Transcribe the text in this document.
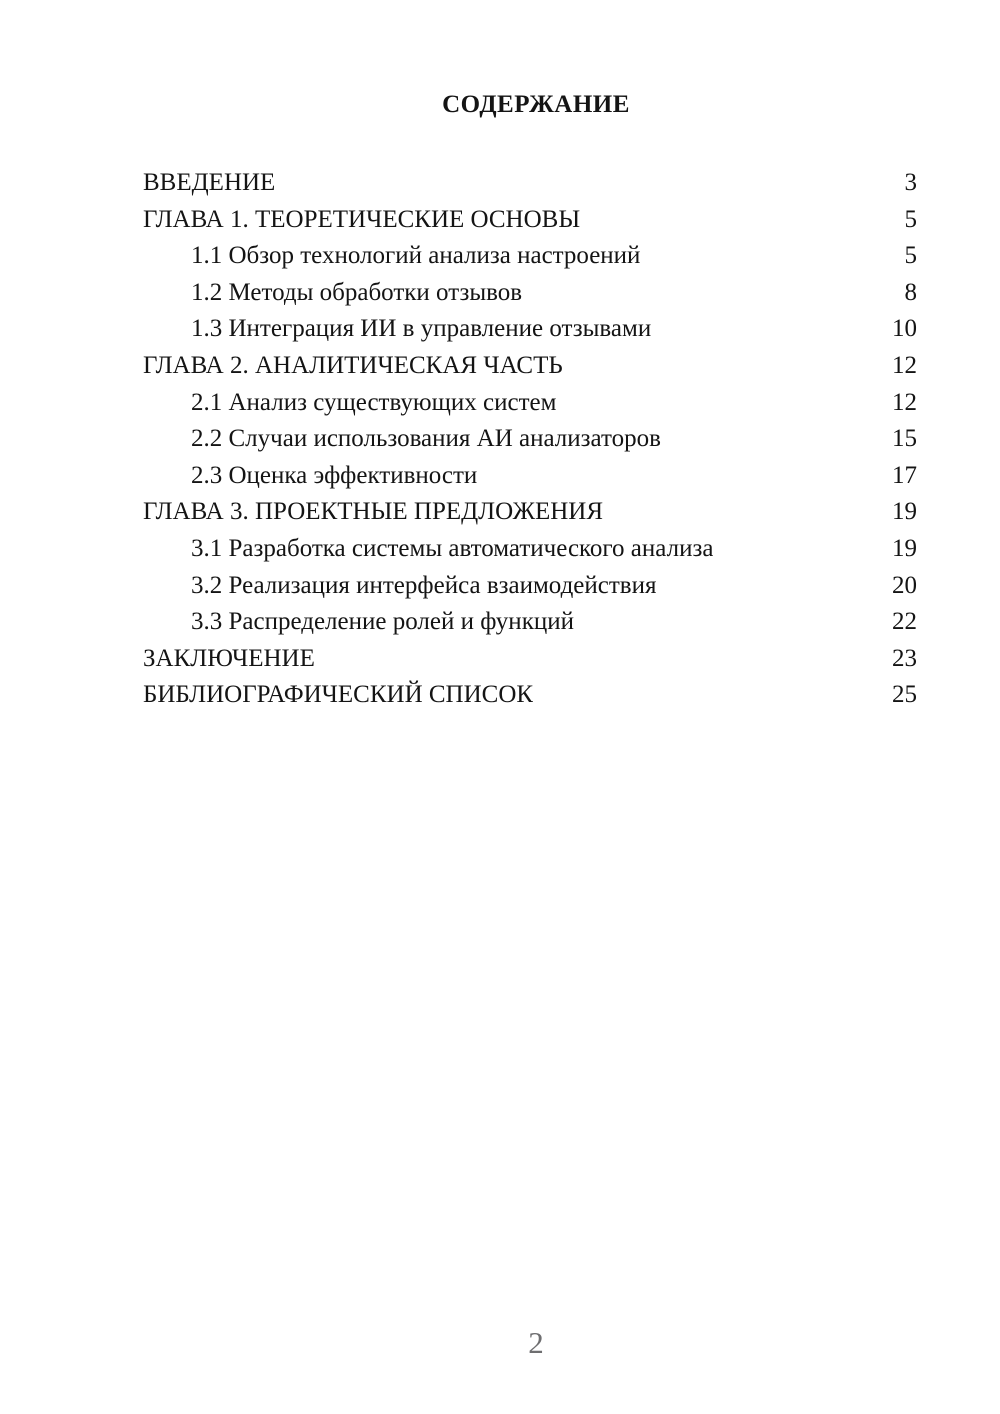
СОДЕРЖАНИЕ
ВВЕДЕНИЕ	3
ГЛАВА 1. ТЕОРЕТИЧЕСКИЕ ОСНОВЫ	5
1.1 Обзор технологий анализа настроений	5
1.2 Методы обработки отзывов	8
1.3 Интеграция ИИ в управление отзывами	10
ГЛАВА 2. АНАЛИТИЧЕСКАЯ ЧАСТЬ	12
2.1 Анализ существующих систем	12
2.2 Случаи использования АИ анализаторов	15
2.3 Оценка эффективности	17
ГЛАВА 3. ПРОЕКТНЫЕ ПРЕДЛОЖЕНИЯ	19
3.1 Разработка системы автоматического анализа	19
3.2 Реализация интерфейса взаимодействия	20
3.3 Распределение ролей и функций	22
ЗАКЛЮЧЕНИЕ	23
БИБЛИОГРАФИЧЕСКИЙ СПИСОК	25
2
